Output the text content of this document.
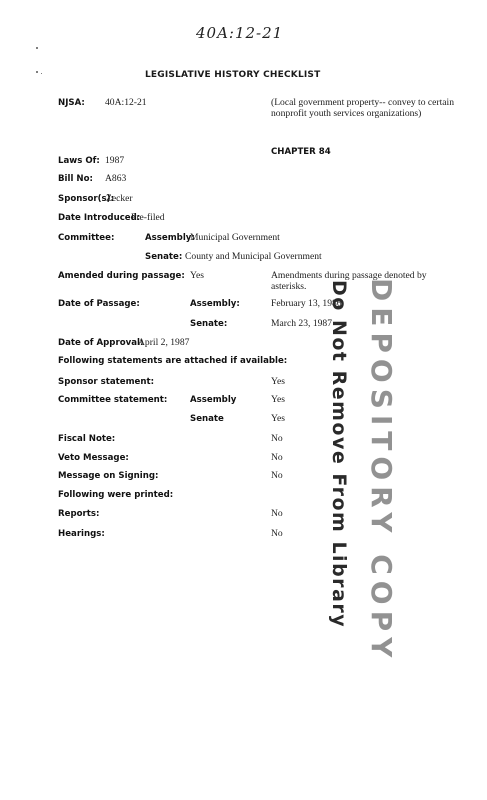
40A:12-21
LEGISLATIVE HISTORY CHECKLIST
NJSA: 40A:12-21	(Local government property-- convey to certain nonprofit youth services organizations)
CHAPTER 84
Laws Of: 1987
Bill No: A863
Sponsor(s):
Zecker
Date Introduced:
Pre-filed
Committee:	Assembly:
Municipal Government
Senate: County and Municipal Government
Amended during passage: Yes	Amendments during passage denoted by asterisks.
Date of Passage:	Assembly:	February 13, 1986
Senate:	March 23, 1987
Date of Approval:
April 2, 1987
Following statements are attached if available:
Sponsor statement:	Yes
Committee statement:	Assembly	Yes
Senate	Yes
Fiscal Note:	No
Veto Message:	No
Message on Signing:	No
Following were printed:
Reports:	No
Hearings:	No Do Not Remove From Library DEPOSITORY COPY
